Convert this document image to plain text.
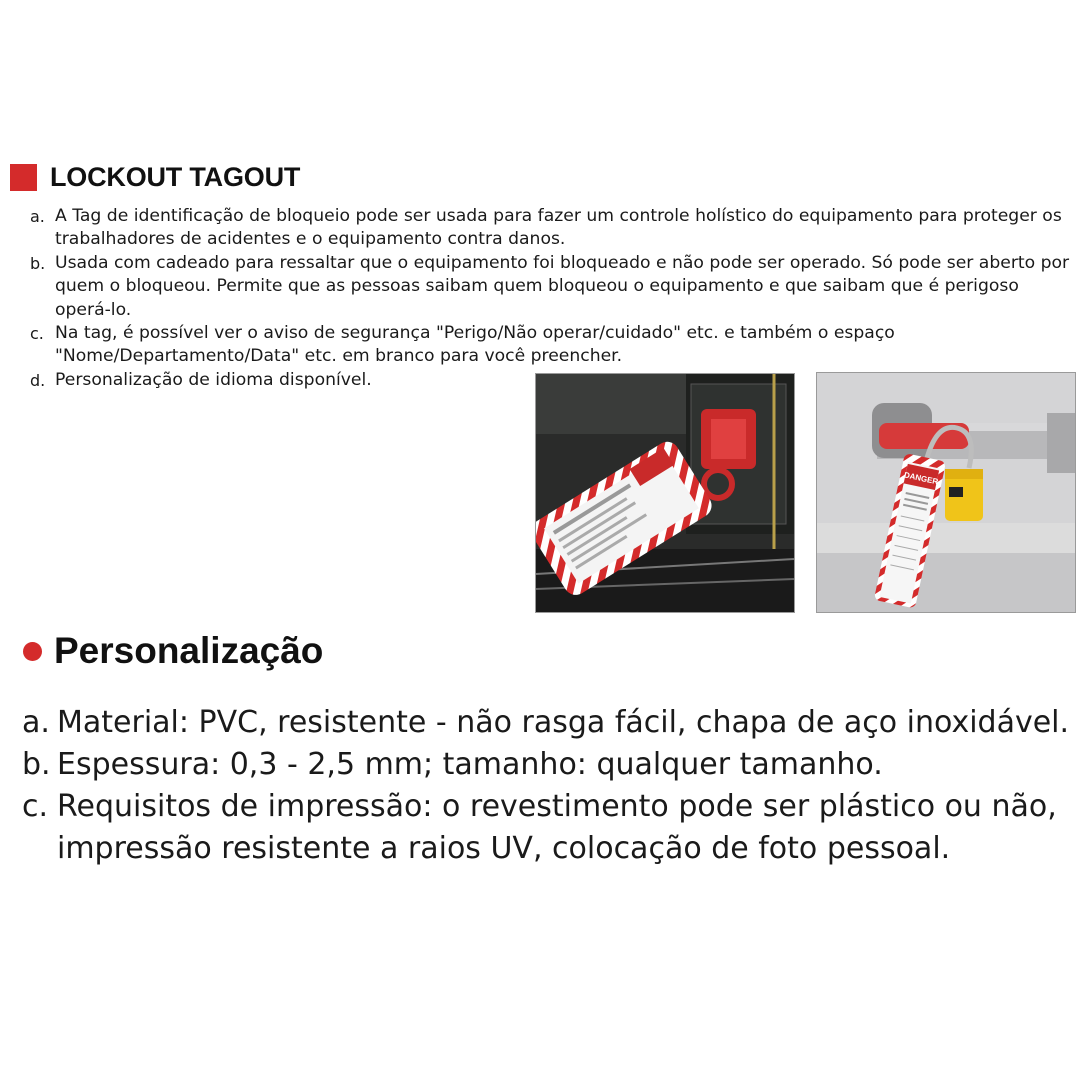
LOCKOUT TAGOUT
a. A Tag de identificação de bloqueio pode ser usada para fazer um controle holístico do equipamento para proteger os trabalhadores de acidentes e o equipamento contra danos.
b. Usada com cadeado para ressaltar que o equipamento foi bloqueado e não pode ser operado. Só pode ser aberto por quem o bloqueou. Permite que as pessoas saibam quem bloqueou o equipamento e que saibam que é perigoso operá-lo.
c. Na tag, é possível ver o aviso de segurança "Perigo/Não operar/cuidado" etc. e também o espaço "Nome/Departamento/Data" etc. em branco para você preencher.
d. Personalização de idioma disponível.
DANGER
Personalização
a. Material: PVC, resistente - não rasga fácil, chapa de aço inoxidável.
b. Espessura: 0,3 - 2,5 mm; tamanho: qualquer tamanho.
c. Requisitos de impressão: o revestimento pode ser plástico ou não, impressão resistente a raios UV, colocação de foto pessoal.
